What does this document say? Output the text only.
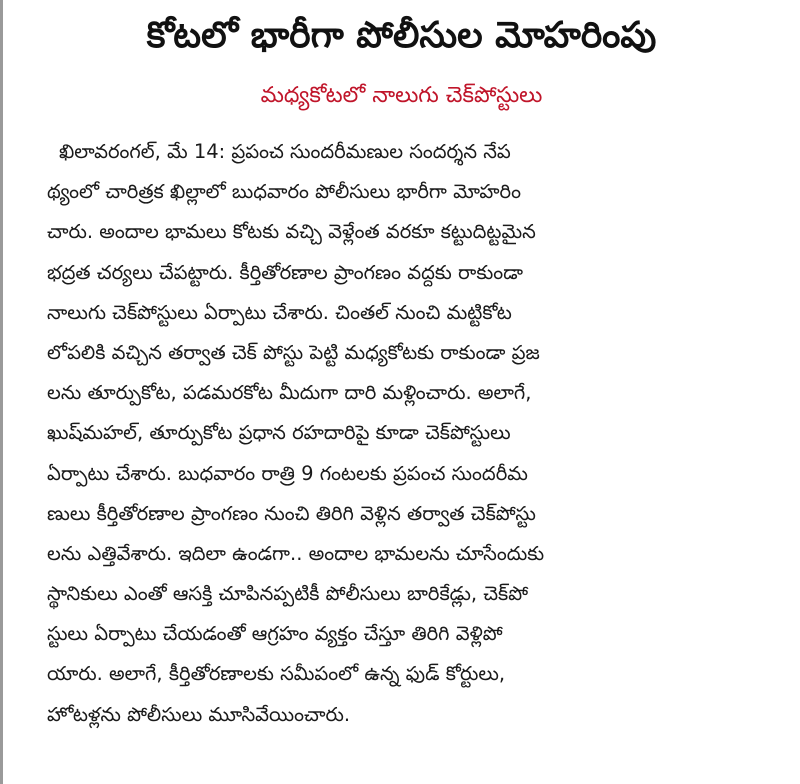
కోటలో భారీగా పోలీసుల మోహరింపు
మధ్యకోటలో నాలుగు చెక్‌పోస్టులు
ఖిలావరంగల్, మే 14: ప్రపంచ సుందరీమణుల సందర్శన నేప
థ్యంలో చారిత్రక ఖిల్లాలో బుధవారం పోలీసులు భారీగా మోహరిం
చారు. అందాల భామలు కోటకు వచ్చి వెళ్లేంత వరకూ కట్టుదిట్టమైన
భద్రత చర్యలు చేపట్టారు. కీర్తితోరణాల ప్రాంగణం వద్దకు రాకుండా
నాలుగు చెక్‌పోస్టులు ఏర్పాటు చేశారు. చింతల్ నుంచి మట్టికోట
లోపలికి వచ్చిన తర్వాత చెక్ పోస్టు పెట్టి మధ్యకోటకు రాకుండా ప్రజ
లను తూర్పుకోట, పడమరకోట మీదుగా దారి మళ్లించారు. అలాగే,
ఖుష్‌మహల్, తూర్పుకోట ప్రధాన రహదారిపై కూడా చెక్‌పోస్టులు
ఏర్పాటు చేశారు. బుధవారం రాత్రి 9 గంటలకు ప్రపంచ సుందరీమ
ణులు కీర్తితోరణాల ప్రాంగణం నుంచి తిరిగి వెళ్లిన తర్వాత చెక్‌పోస్టు
లను ఎత్తివేశారు. ఇదిలా ఉండగా.. అందాల భామలను చూసేందుకు
స్థానికులు ఎంతో ఆసక్తి చూపినప్పటికీ పోలీసులు బారికేడ్లు, చెక్‌పో
స్టులు ఏర్పాటు చేయడంతో ఆగ్రహం వ్యక్తం చేస్తూ తిరిగి వెళ్లిపో
యారు. అలాగే, కీర్తితోరణాలకు సమీపంలో ఉన్న ఫుడ్ కోర్టులు,
హోటళ్లను పోలీసులు మూసివేయించారు.
